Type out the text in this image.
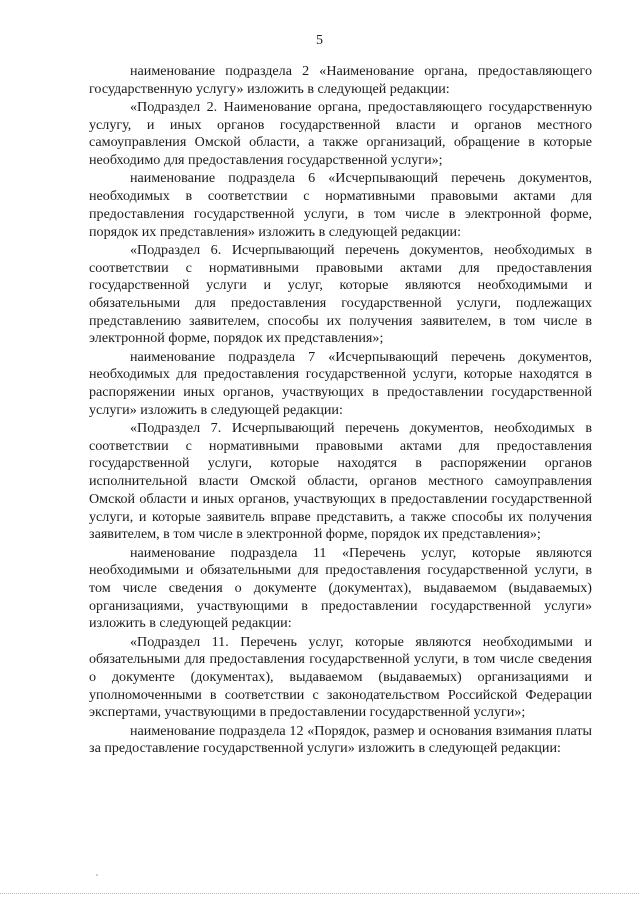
5

наименование подраздела 2 «Наименование органа, предоставляющего государственную услугу» изложить в следующей редакции:

«Подраздел 2. Наименование органа, предоставляющего государственную услугу, и иных органов государственной власти и органов местного самоуправления Омской области, а также организаций, обращение в которые необходимо для предоставления государственной услуги»;

наименование подраздела 6 «Исчерпывающий перечень документов, необходимых в соответствии с нормативными правовыми актами для предоставления государственной услуги, в том числе в электронной форме, порядок их представления» изложить в следующей редакции:

«Подраздел 6. Исчерпывающий перечень документов, необходимых в соответствии с нормативными правовыми актами для предоставления государственной услуги и услуг, которые являются необходимыми и обязательными для предоставления государственной услуги, подлежащих представлению заявителем, способы их получения заявителем, в том числе в электронной форме, порядок их представления»;

наименование подраздела 7 «Исчерпывающий перечень документов, необходимых для предоставления государственной услуги, которые находятся в распоряжении иных органов, участвующих в предоставлении государственной услуги» изложить в следующей редакции:

«Подраздел 7. Исчерпывающий перечень документов, необходимых в соответствии с нормативными правовыми актами для предоставления государственной услуги, которые находятся в распоряжении органов исполнительной власти Омской области, органов местного самоуправления Омской области и иных органов, участвующих в предоставлении государственной услуги, и которые заявитель вправе представить, а также способы их получения заявителем, в том числе в электронной форме, порядок их представления»;

наименование подраздела 11 «Перечень услуг, которые являются необходимыми и обязательными для предоставления государственной услуги, в том числе сведения о документе (документах), выдаваемом (выдаваемых) организациями, участвующими в предоставлении государственной услуги» изложить в следующей редакции:

«Подраздел 11. Перечень услуг, которые являются необходимыми и обязательными для предоставления государственной услуги, в том числе сведения о документе (документах), выдаваемом (выдаваемых) организациями и уполномоченными в соответствии с законодательством Российской Федерации экспертами, участвующими в предоставлении государственной услуги»;

наименование подраздела 12 «Порядок, размер и основания взимания платы за предоставление государственной услуги» изложить в следующей редакции:
